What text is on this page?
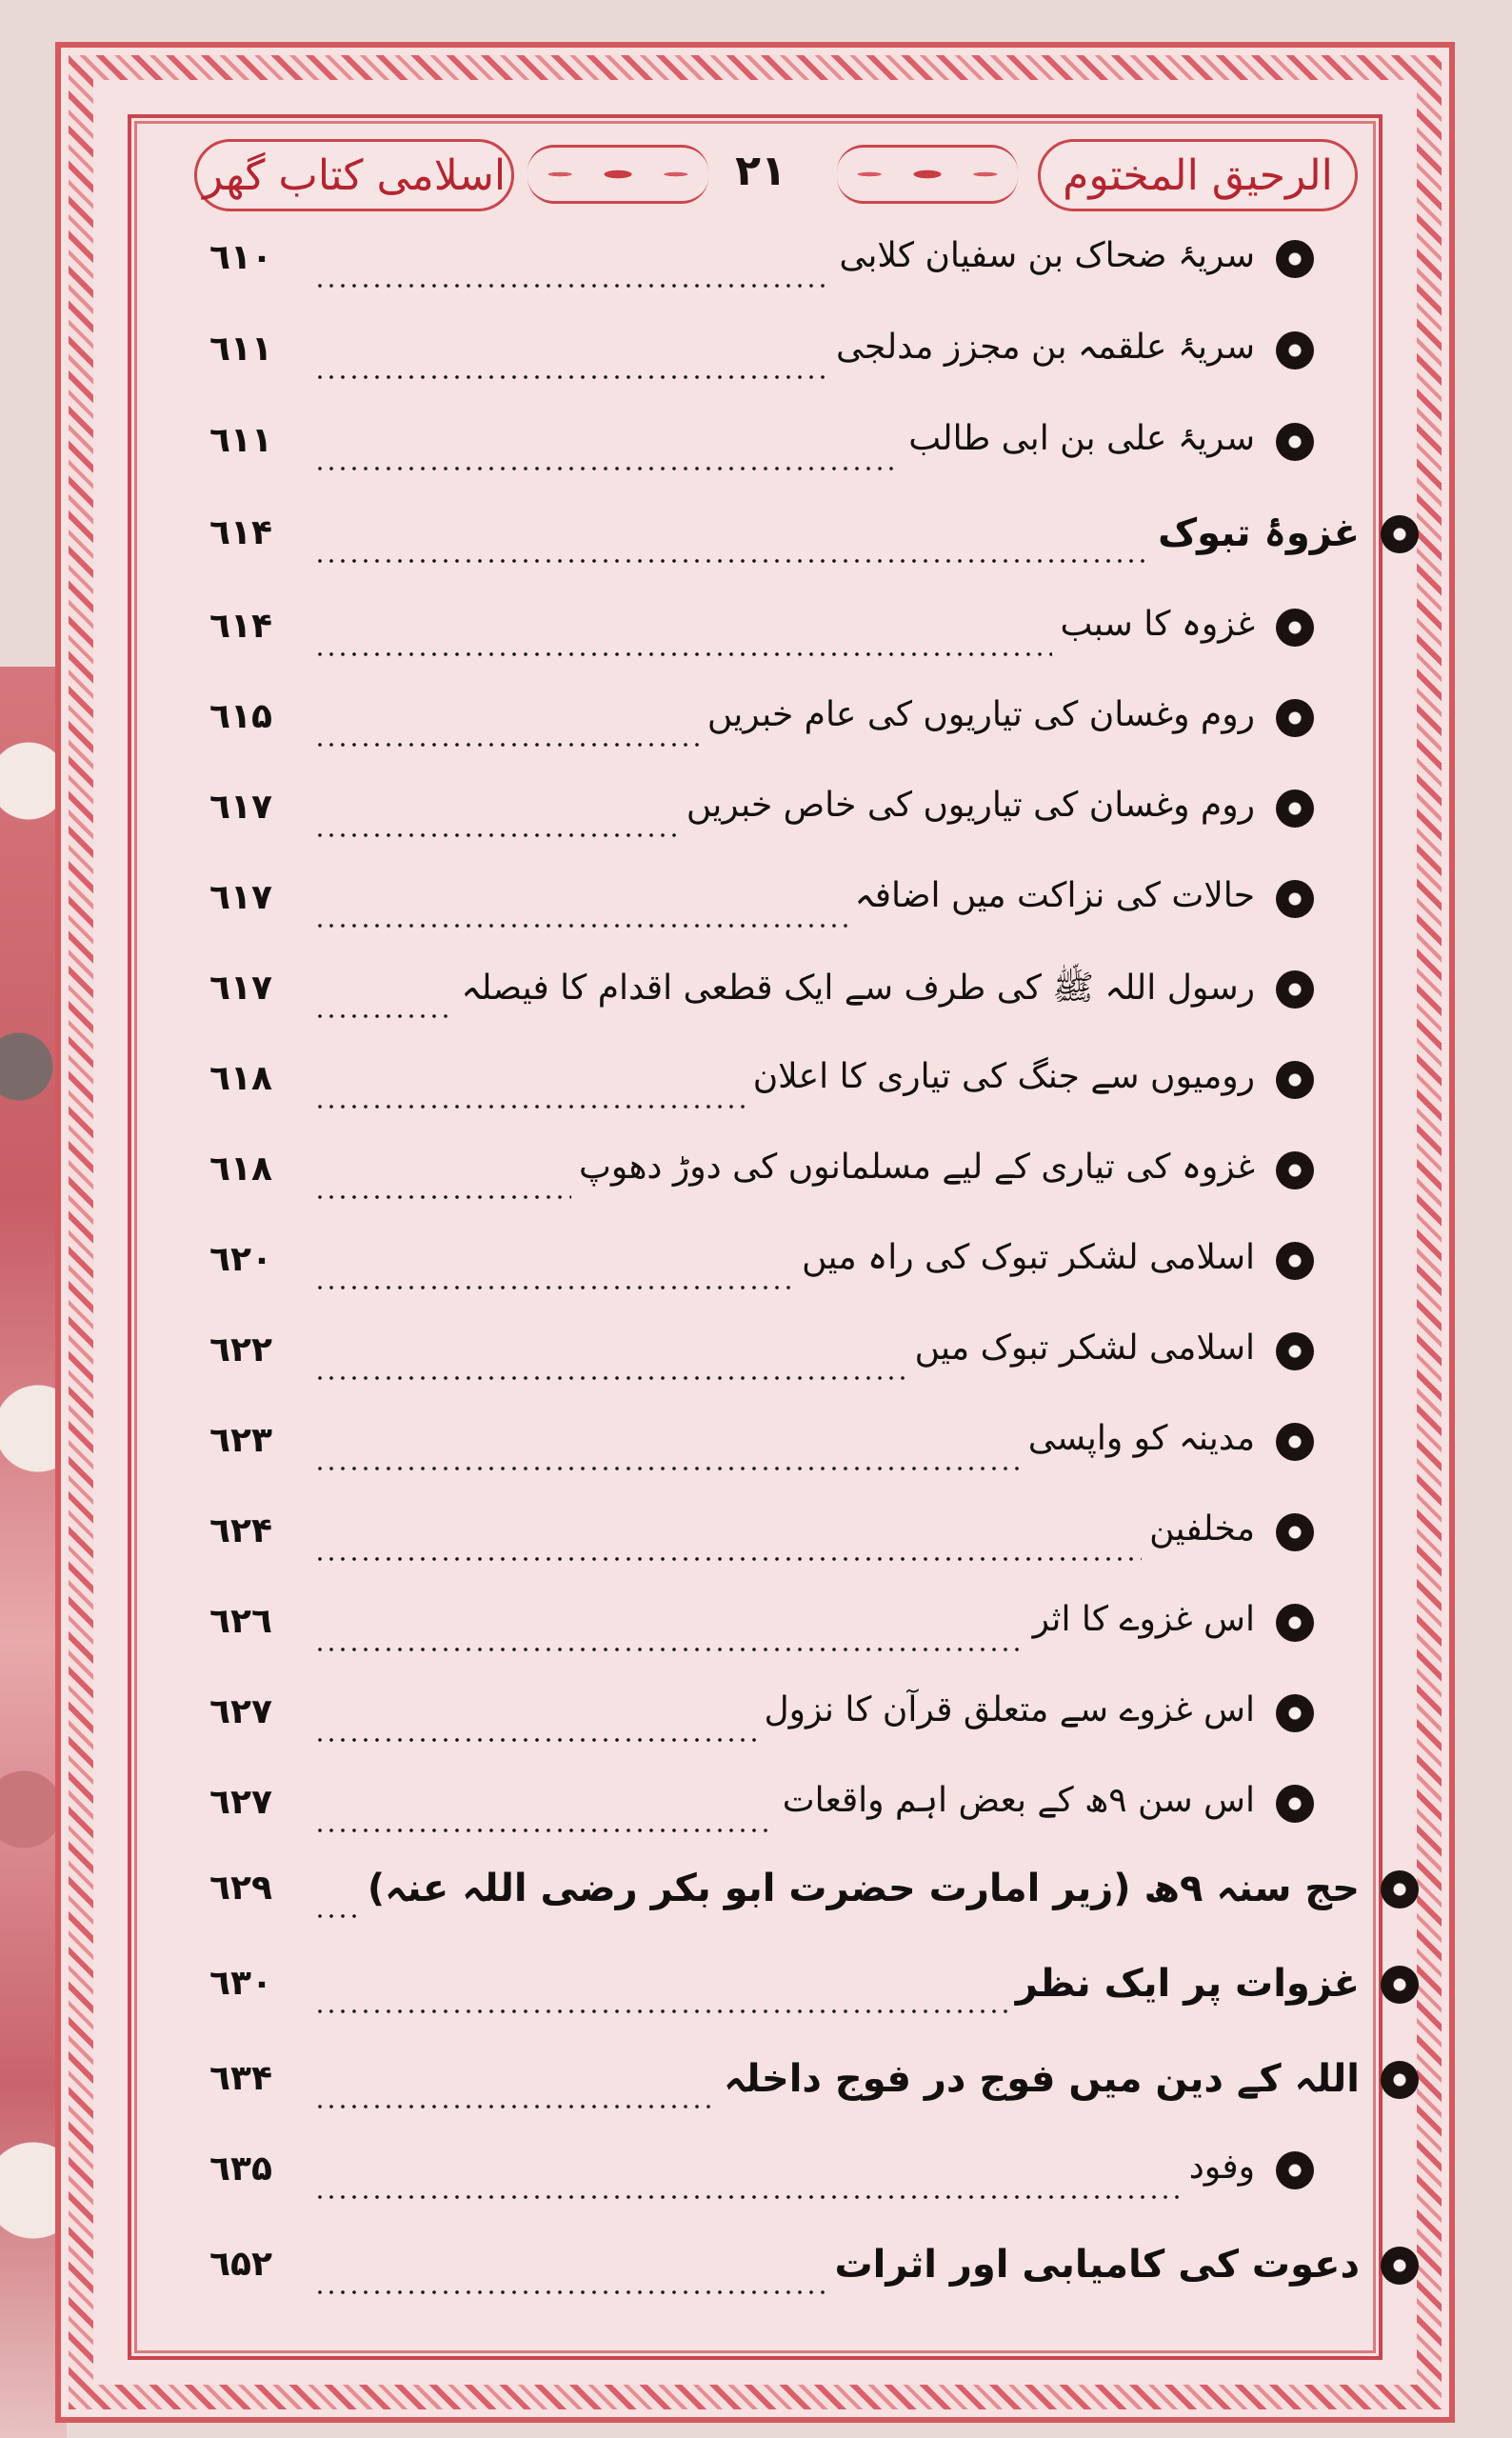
الرحیق المختوم
۲۱
اسلامی کتاب گھر
سریۂ ضحاک بن سفیان کلابی
٦١٠
سریۂ علقمہ بن مجزز مدلجی
٦١١
سریۂ علی بن ابی طالب
٦١١
غزوۂ تبوک
٦١۴
غزوہ کا سبب
٦١۴
روم وغسان کی تیاریوں کی عام خبریں
٦١۵
روم وغسان کی تیاریوں کی خاص خبریں
٦١٧
حالات کی نزاکت میں اضافہ
٦١٧
رسول اللہ ﷺ کی طرف سے ایک قطعی اقدام کا فیصلہ
٦١٧
رومیوں سے جنگ کی تیاری کا اعلان
٦١٨
غزوہ کی تیاری کے لیے مسلمانوں کی دوڑ دھوپ
٦١٨
اسلامی لشکر تبوک کی راہ میں
٦٢٠
اسلامی لشکر تبوک میں
٦٢٢
مدینہ کو واپسی
٦٢٣
مخلفین
٦٢۴
اس غزوے کا اثر
٦٢٦
اس غزوے سے متعلق قرآن کا نزول
٦٢٧
اس سن ٩ھ کے بعض اہم واقعات
٦٢٧
حج سنہ ٩ھ (زیر امارت حضرت ابو بکر رضی اللہ عنہ)
٦٢٩
غزوات پر ایک نظر
٦٣٠
اللہ کے دین میں فوج در فوج داخلہ
٦٣۴
وفود
٦٣۵
دعوت کی کامیابی اور اثرات
٦۵٢
